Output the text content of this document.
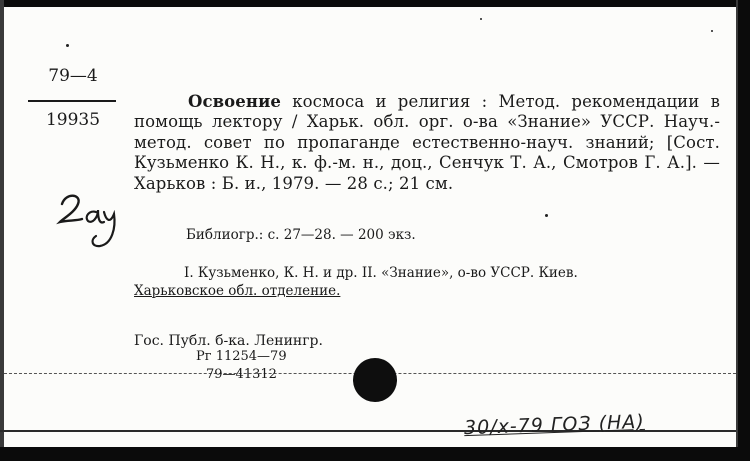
79—4
19935
Освоение космоса и религия : Метод. рекомендации в помощь лектору / Харьк. обл. орг. о-ва «Знание» УССР. Науч.-метод. совет по пропаганде естественно-науч. знаний; [Сост. Кузьменко К. Н., к. ф.-м. н., доц., Сенчук Т. А., Смотров Г. А.]. — Харьков : Б. и., 1979. — 28 с.; 21 см.
Библиогр.: с. 27—28. — 200 экз.
I. Кузьменко, К. Н. и др. II. «Знание», о-во УССР. Киев.
Харьковское обл. отделение.
Гос. Публ. б-ка. Ленингр.
Рг 11254—79
79—41312
30/х-79 ГОЗ (НА)
